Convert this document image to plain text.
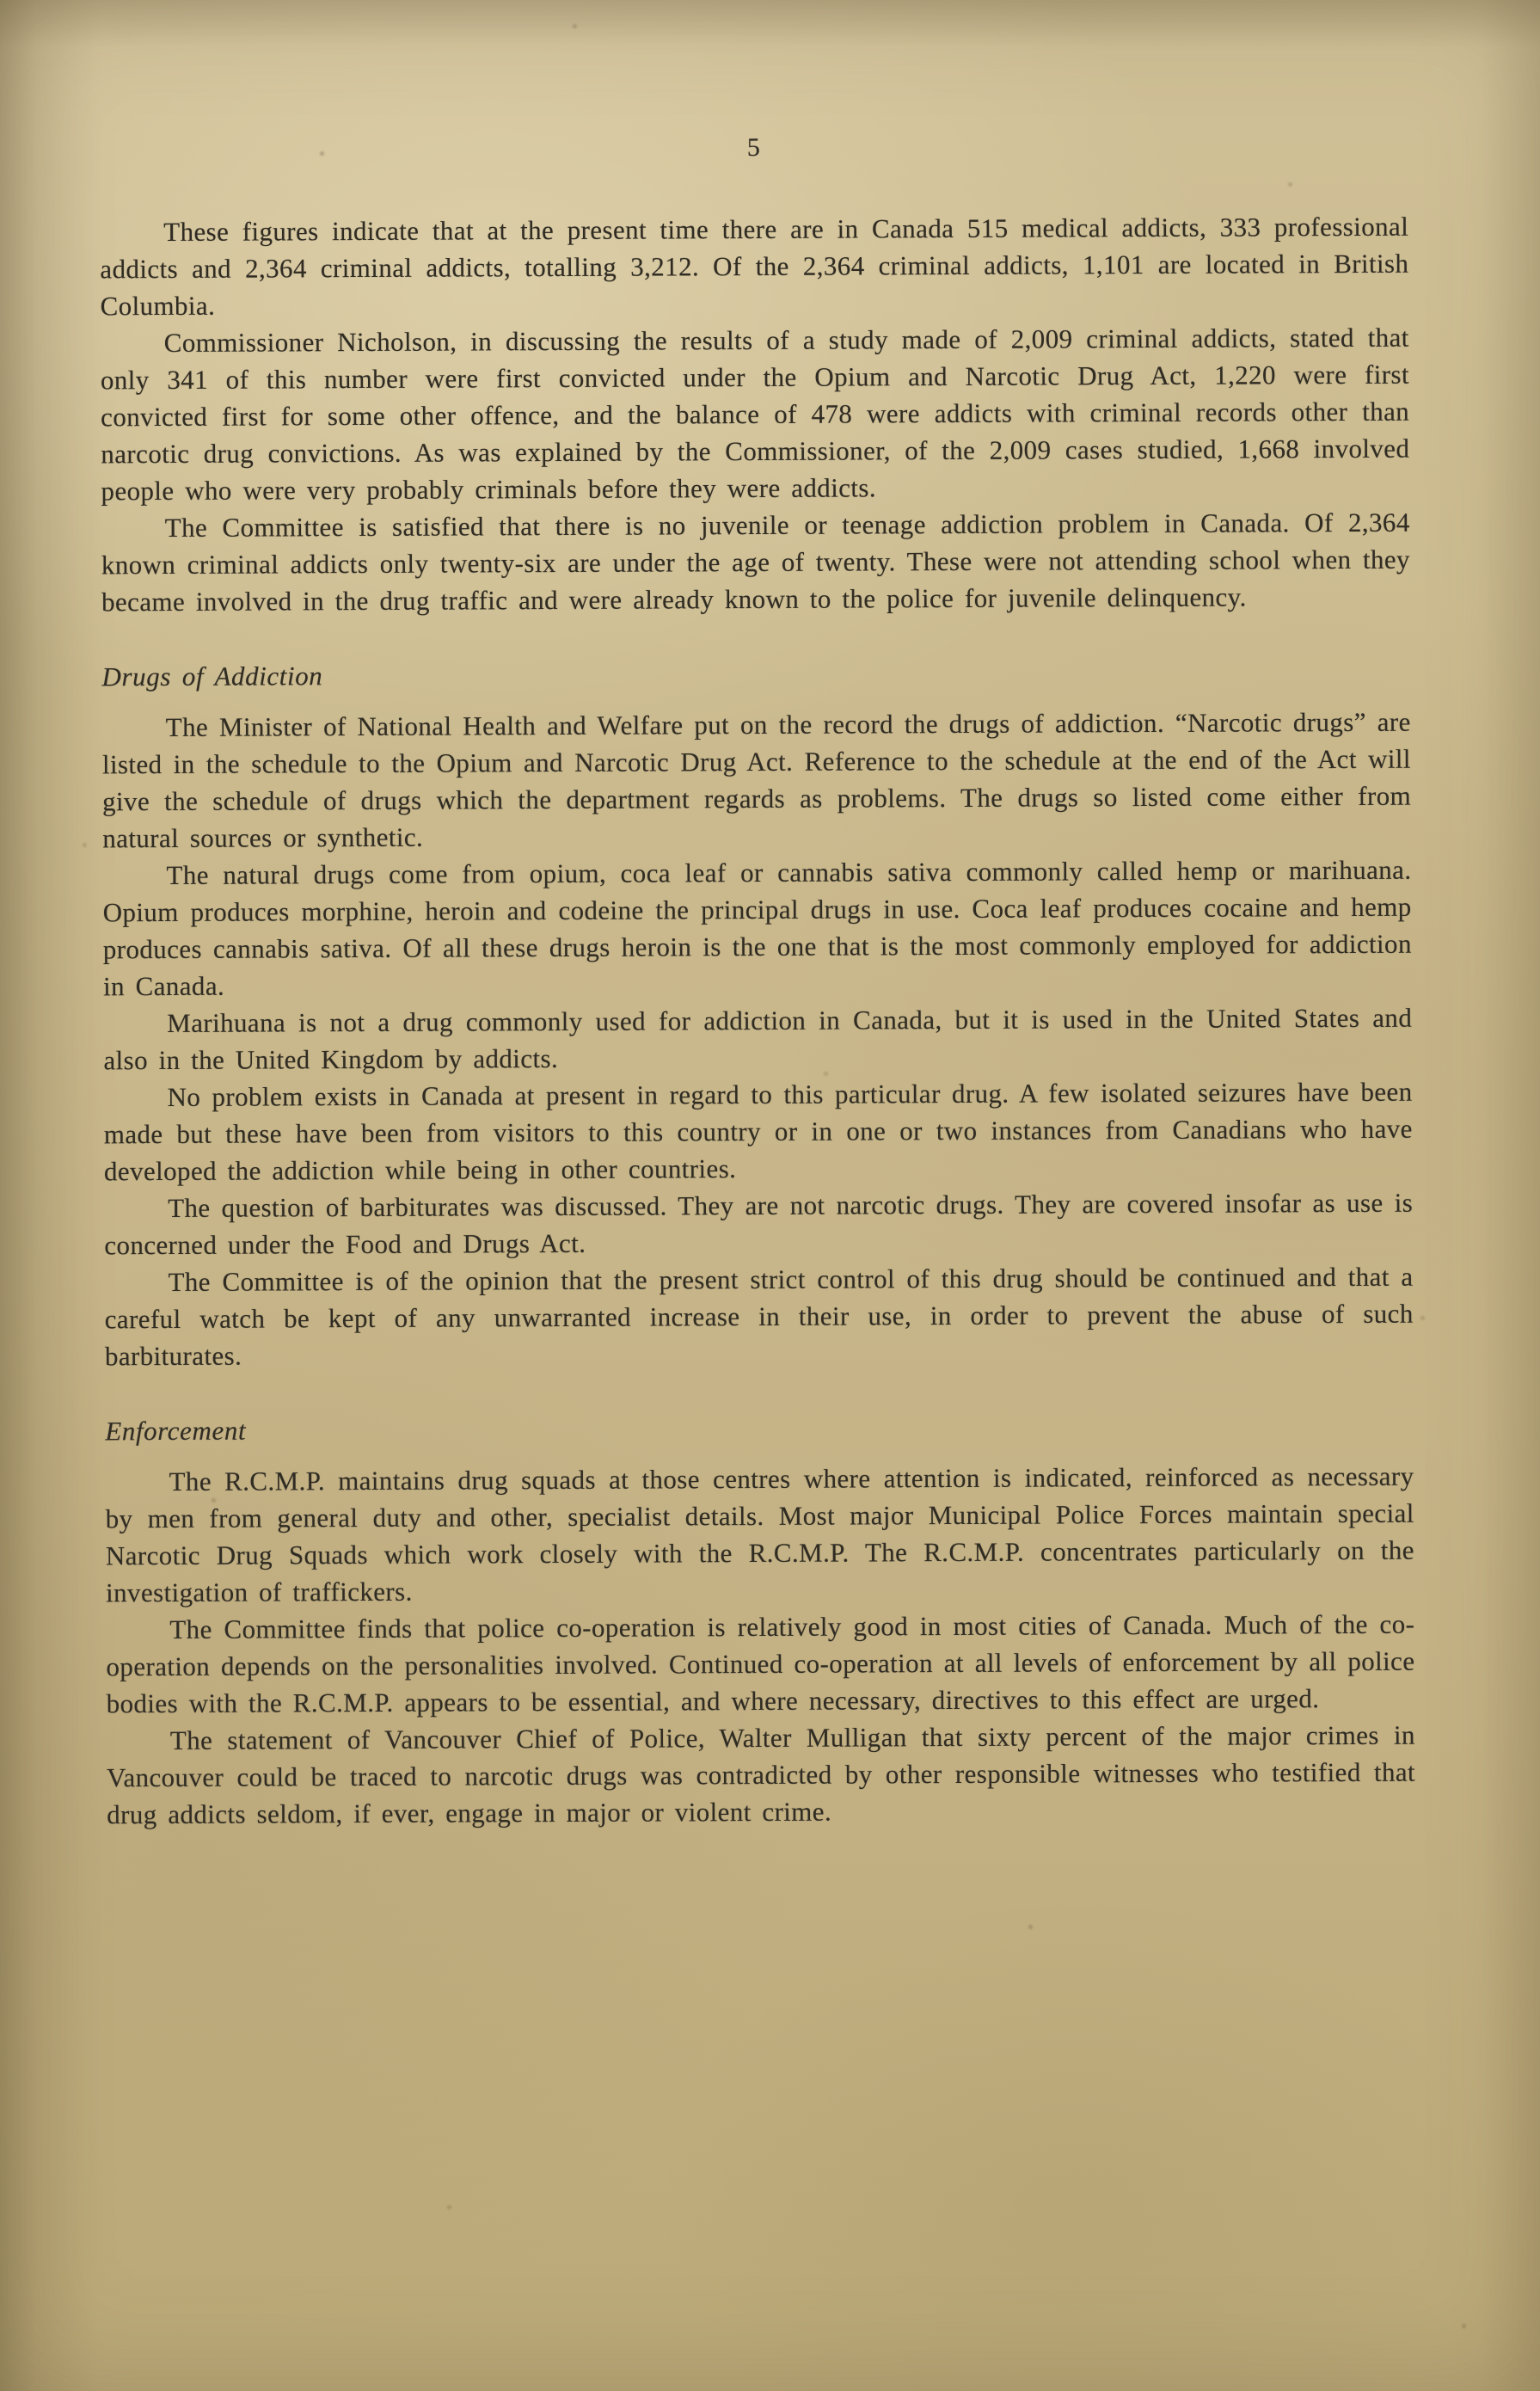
5

These figures indicate that at the present time there are in Canada 515 medical addicts, 333 professional addicts and 2,364 criminal addicts, totalling 3,212. Of the 2,364 criminal addicts, 1,101 are located in British Columbia.

Commissioner Nicholson, in discussing the results of a study made of 2,009 criminal addicts, stated that only 341 of this number were first convicted under the Opium and Narcotic Drug Act, 1,220 were first convicted first for some other offence, and the balance of 478 were addicts with criminal records other than narcotic drug convictions. As was explained by the Commissioner, of the 2,009 cases studied, 1,668 involved people who were very probably criminals before they were addicts.

The Committee is satisfied that there is no juvenile or teenage addiction problem in Canada. Of 2,364 known criminal addicts only twenty-six are under the age of twenty. These were not attending school when they became involved in the drug traffic and were already known to the police for juvenile delinquency.

Drugs of Addiction

The Minister of National Health and Welfare put on the record the drugs of addiction. “Narcotic drugs” are listed in the schedule to the Opium and Narcotic Drug Act. Reference to the schedule at the end of the Act will give the schedule of drugs which the department regards as problems. The drugs so listed come either from natural sources or synthetic.

The natural drugs come from opium, coca leaf or cannabis sativa commonly called hemp or marihuana. Opium produces morphine, heroin and codeine the principal drugs in use. Coca leaf produces cocaine and hemp produces cannabis sativa. Of all these drugs heroin is the one that is the most commonly employed for addiction in Canada.

Marihuana is not a drug commonly used for addiction in Canada, but it is used in the United States and also in the United Kingdom by addicts.

No problem exists in Canada at present in regard to this particular drug. A few isolated seizures have been made but these have been from visitors to this country or in one or two instances from Canadians who have developed the addiction while being in other countries.

The question of barbiturates was discussed. They are not narcotic drugs. They are covered insofar as use is concerned under the Food and Drugs Act.

The Committee is of the opinion that the present strict control of this drug should be continued and that a careful watch be kept of any unwarranted increase in their use, in order to prevent the abuse of such barbiturates.

Enforcement

The R.C.M.P. maintains drug squads at those centres where attention is indicated, reinforced as necessary by men from general duty and other, specialist details. Most major Municipal Police Forces maintain special Narcotic Drug Squads which work closely with the R.C.M.P. The R.C.M.P. concentrates particularly on the investigation of traffickers.

The Committee finds that police co-operation is relatively good in most cities of Canada. Much of the co-operation depends on the personalities involved. Continued co-operation at all levels of enforcement by all police bodies with the R.C.M.P. appears to be essential, and where necessary, directives to this effect are urged.

The statement of Vancouver Chief of Police, Walter Mulligan that sixty percent of the major crimes in Vancouver could be traced to narcotic drugs was contradicted by other responsible witnesses who testified that drug addicts seldom, if ever, engage in major or violent crime.
